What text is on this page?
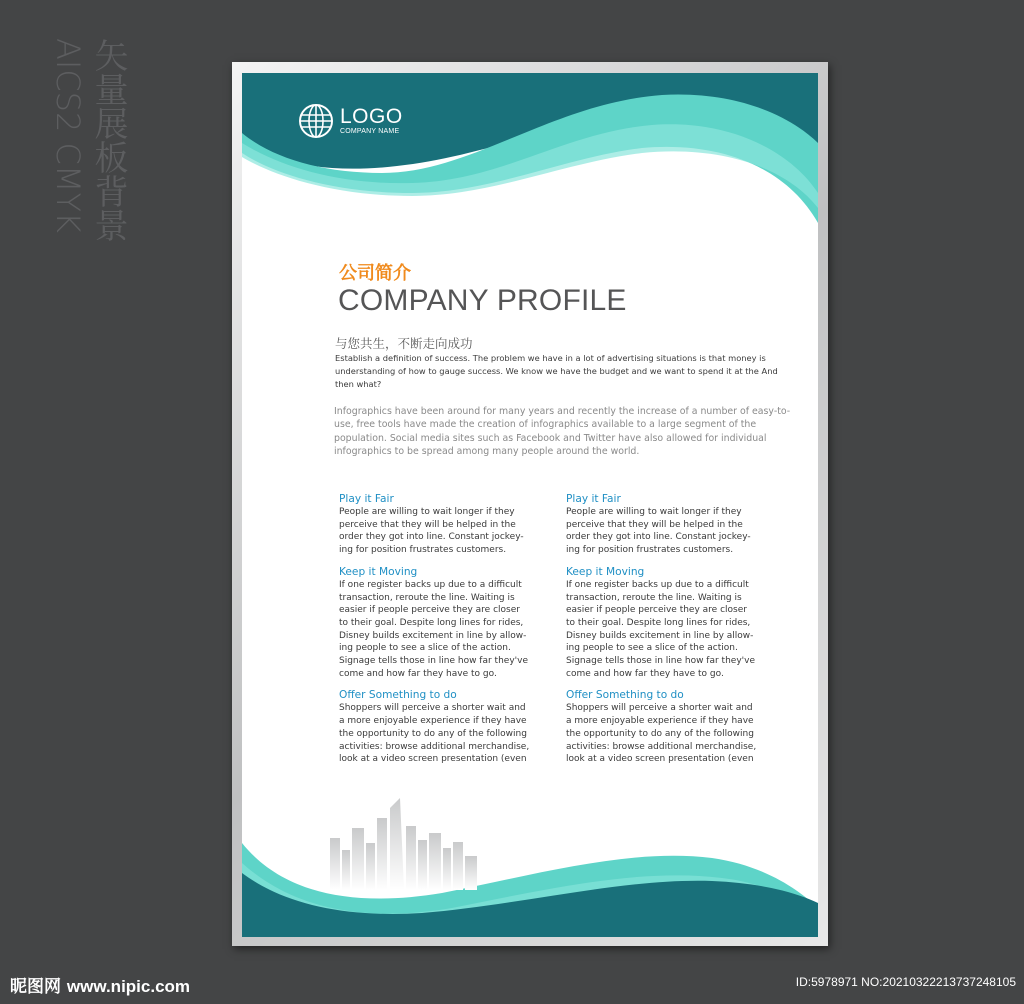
矢量展板背景
AICS2 CMYK	LOGO
COMPANY NAME
公司简介
COMPANY PROFILE
与您共生，不断走向成功
Establish a definition of success. The problem we have in a lot of advertising situations is that money is understanding of how to gauge success. We know we have the budget and we want to spend it at the And then what?
Infographics have been around for many years and recently the increase of a number of easy-to-use, free tools have made the creation of infographics available to a large segment of the population. Social media sites such as Facebook and Twitter have also allowed for individual infographics to be spread among many people around the world.
Play it Fair
People are willing to wait longer if they
perceive that they will be helped in the
order they got into line. Constant jockey-
ing for position frustrates customers.
Keep it Moving
If one register backs up due to a difficult
transaction, reroute the line. Waiting is
easier if people perceive they are closer
to their goal. Despite long lines for rides,
Disney builds excitement in line by allow-
ing people to see a slice of the action.
Signage tells those in line how far they've
come and how far they have to go.
Offer Something to do
Shoppers will perceive a shorter wait and
a more enjoyable experience if they have
the opportunity to do any of the following
activities: browse additional merchandise,
look at a video screen presentation (even
Play it Fair
People are willing to wait longer if they
perceive that they will be helped in the
order they got into line. Constant jockey-
ing for position frustrates customers.
Keep it Moving
If one register backs up due to a difficult
transaction, reroute the line. Waiting is
easier if people perceive they are closer
to their goal. Despite long lines for rides,
Disney builds excitement in line by allow-
ing people to see a slice of the action.
Signage tells those in line how far they've
come and how far they have to go.
Offer Something to do
Shoppers will perceive a shorter wait and
a more enjoyable experience if they have
the opportunity to do any of the following
activities: browse additional merchandise,
look at a video screen presentation (even
昵图网 www.nipic.com	ID:5978971 NO:20210322213737248105
